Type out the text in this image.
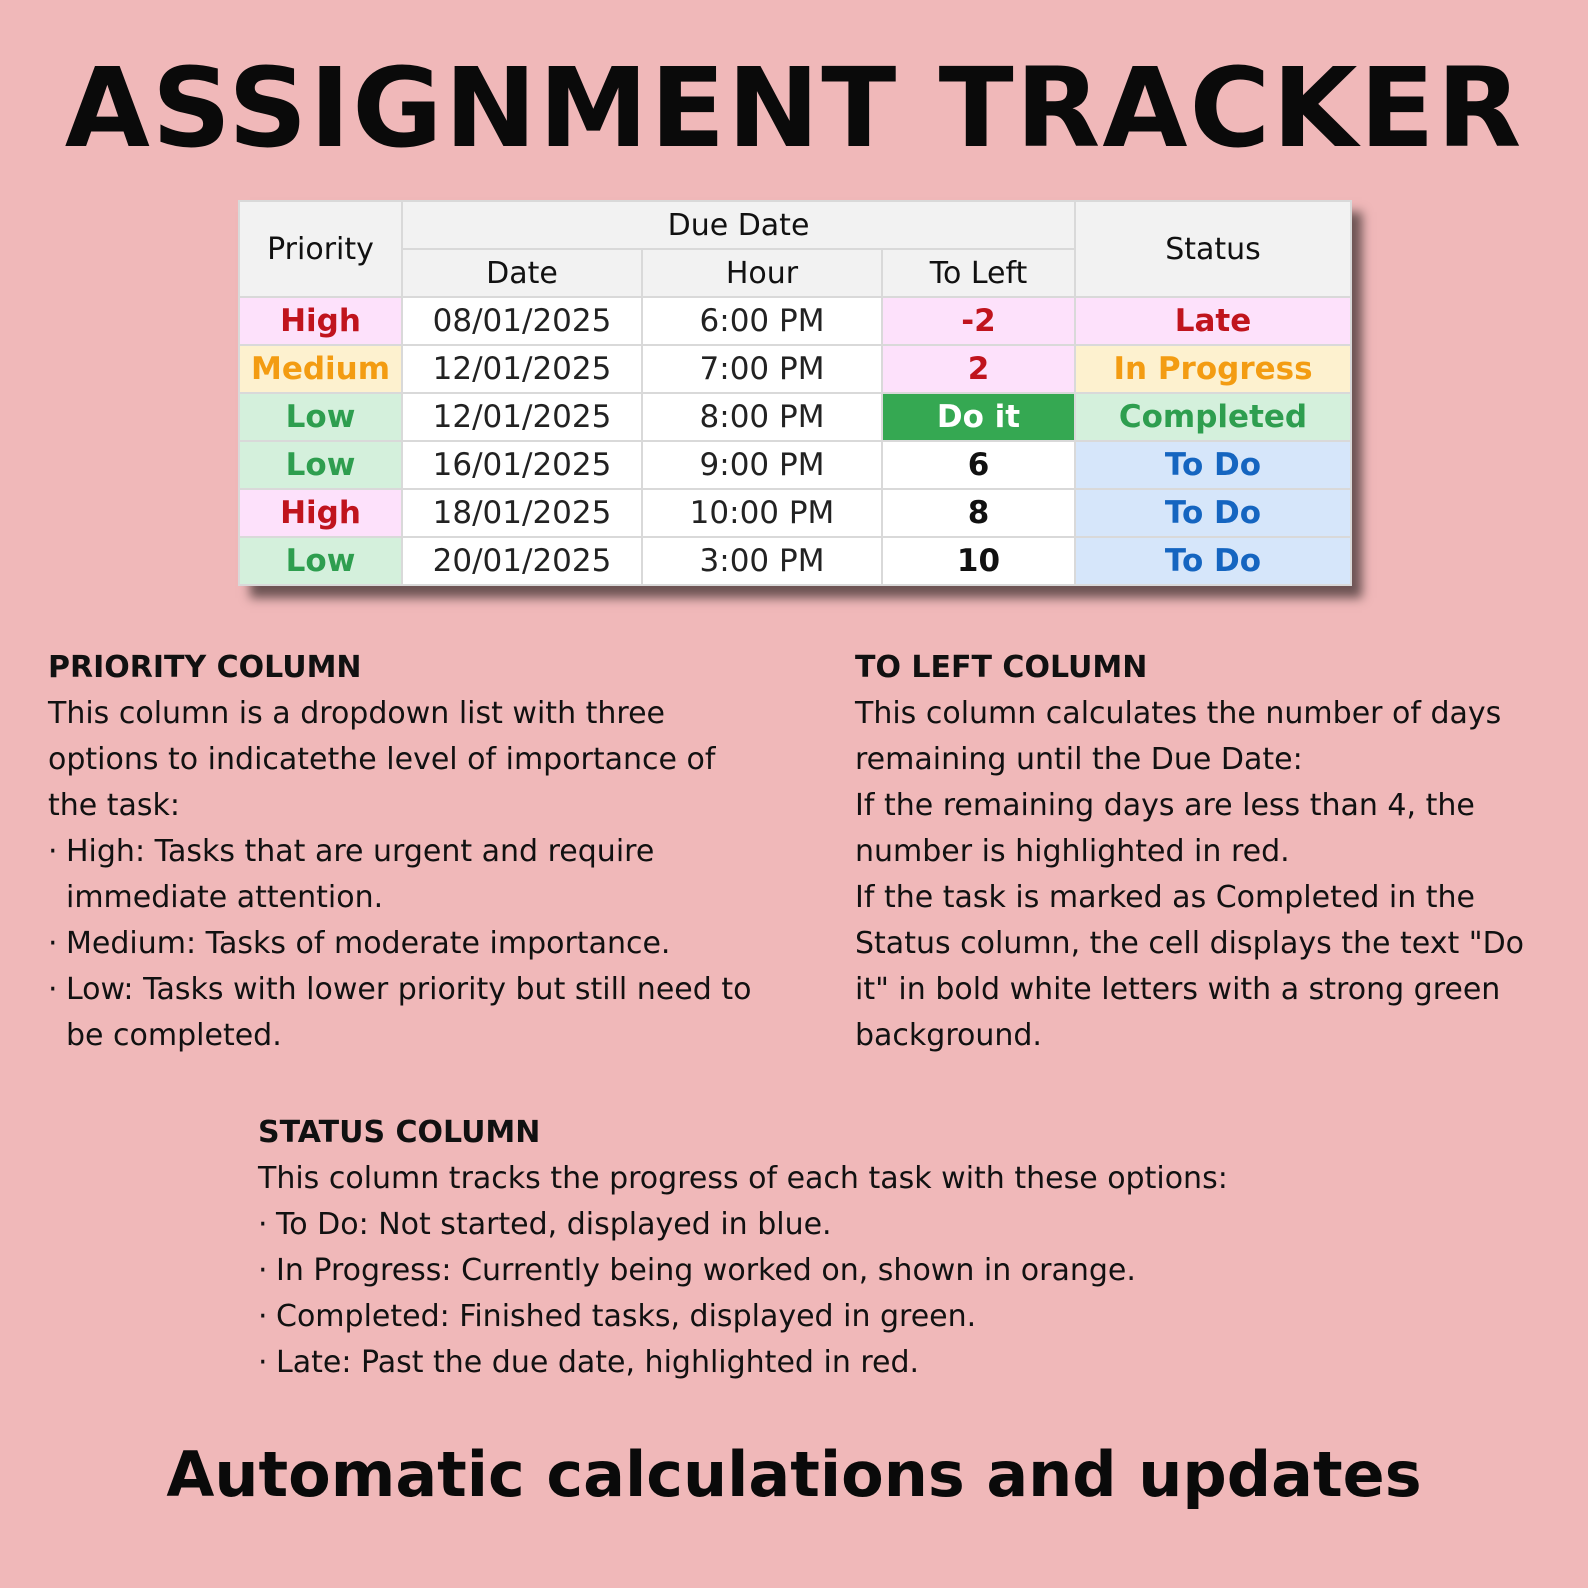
ASSIGNMENT TRACKER
Priority	Due Date			Status
	Date	Hour	To Left	
High	08/01/2025	6:00 PM	-2	Late
Medium	12/01/2025	7:00 PM	2	In Progress
Low	12/01/2025	8:00 PM	Do it	Completed
Low	16/01/2025	9:00 PM	6	To Do
High	18/01/2025	10:00 PM	8	To Do
Low	20/01/2025	3:00 PM	10	To Do
PRIORITY COLUMN

This column is a dropdown list with three options to indicatethe level of importance of the task:

· High: Tasks that are urgent and require immediate attention.

· Medium: Tasks of moderate importance.

· Low: Tasks with lower priority but still need to be completed.

TO LEFT COLUMN

This column calculates the number of days remaining until the Due Date:

If the remaining days are less than 4, the number is highlighted in red.

If the task is marked as Completed in the Status column, the cell displays the text "Do it" in bold white letters with a strong green background.

STATUS COLUMN

This column tracks the progress of each task with these options:

· To Do: Not started, displayed in blue.

· In Progress: Currently being worked on, shown in orange.

· Completed: Finished tasks, displayed in green.

· Late: Past the due date, highlighted in red.

Automatic calculations and updates
